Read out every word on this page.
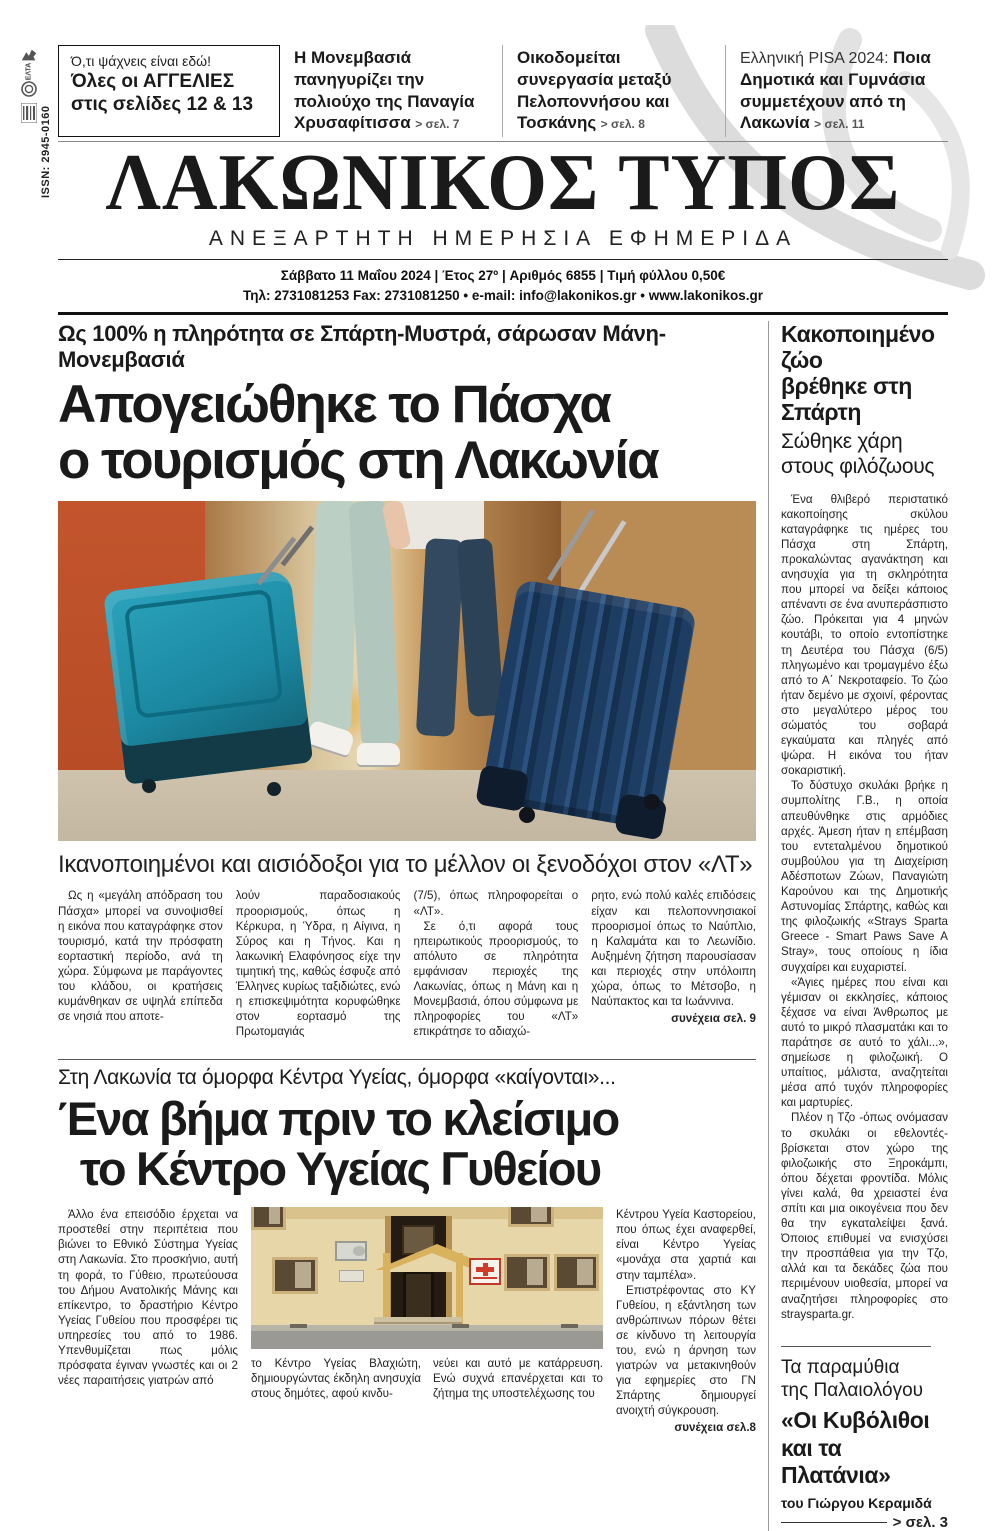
ΕΛΤΑ
ISSN: 2945-0160
Ό,τι ψάχνεις είναι εδώ!
Όλες οι ΑΓΓΕΛΙΕΣ
στις σελίδες 12 & 13
Η Μονεμβασιά πανηγυρίζει την πολιούχο της Παναγία Χρυσαφίτισσα > σελ. 7
Οικοδομείται συνεργασία μεταξύ Πελοποννήσου και Τοσκάνης > σελ. 8
Ελληνική PISA 2024: Ποια Δημοτικά και Γυμνάσια συμμετέχουν από τη Λακωνία > σελ. 11
ΛΑΚΩΝΙΚΟΣ ΤΥΠΟΣ
ΑΝΕΞΑΡΤΗΤΗ ΗΜΕΡΗΣΙΑ ΕΦΗΜΕΡΙΔΑ
Σάββατο 11 Μαΐου 2024 | Έτος 27º | Αριθμός 6855 | Τιμή φύλλου 0,50€
Τηλ: 2731081253 Fax: 2731081250 • e-mail: info@lakonikos.gr • www.lakonikos.gr
Ως 100% η πληρότητα σε Σπάρτη-Μυστρά, σάρωσαν Μάνη-Μονεμβασιά
Απογειώθηκε το Πάσχα
ο τουρισμός στη Λακωνία
Ικανοποιημένοι και αισιόδοξοι για το μέλλον οι ξενοδόχοι στον «ΛΤ»

Ως η «μεγάλη απόδραση του Πάσχα» μπορεί να συνοψισθεί η εικόνα που καταγράφηκε στον τουρισμό, κατά την πρόσφατη εορταστική περίοδο, ανά τη χώρα. Σύμφωνα με παράγοντες του κλάδου, οι κρατήσεις κυμάνθηκαν σε υψηλά επίπεδα σε νησιά που αποτε-

λούν παραδοσιακούς προορισμούς, όπως η Κέρκυρα, η Ύδρα, η Αίγινα, η Σύρος και η Τήνος. Και η λακωνική Ελαφόνησος είχε την τιμητική της, καθώς έσφυζε από Έλληνες κυρίως ταξιδιώτες, ενώ η επισκεψιμότητα κορυφώθηκε στον εορτασμό της Πρωτομαγιάς

(7/5), όπως πληροφορείται ο «ΛΤ».

Σε ό,τι αφορά τους ηπειρωτικούς προορισμούς, το απόλυτο σε πληρότητα εμφάνισαν περιοχές της Λακωνίας, όπως η Μάνη και η Μονεμβασιά, όπου σύμφωνα με πληροφορίες του «ΛΤ» επικράτησε το αδιαχώ-

ρητο, ενώ πολύ καλές επιδόσεις είχαν και πελοποννησιακοί προορισμοί όπως το Ναύπλιο, η Καλαμάτα και το Λεωνίδιο. Αυξημένη ζήτηση παρουσίασαν και περιοχές στην υπόλοιπη χώρα, όπως το Μέτσοβο, η Ναύπακτος και τα Ιωάννινα.

συνέχεια σελ. 9
Στη Λακωνία τα όμορφα Κέντρα Υγείας, όμορφα «καίγονται»...
Ένα βήμα πριν το κλείσιμο
το Κέντρο Υγείας Γυθείου

Άλλο ένα επεισόδιο έρχεται να προστεθεί στην περιπέτεια που βιώνει το Εθνικό Σύστημα Υγείας στη Λακωνία. Στο προσκήνιο, αυτή τη φορά, το Γύθειο, πρωτεύουσα του Δήμου Ανατολικής Μάνης και επίκεντρο, το δραστήριο Κέντρο Υγείας Γυθείου που προσφέρει τις υπηρεσίες του από το 1986. Υπενθυμίζεται πως μόλις πρόσφατα έγιναν γνωστές και οι 2 νέες παραιτήσεις γιατρών από

το Κέντρο Υγείας Βλαχιώτη, δημιουργώντας έκδηλη ανησυχία στους δημότες, αφού κινδυ-
νεύει και αυτό με κατάρρευση. Ενώ συχνά επανέρχεται και το ζήτημα της υποστελέχωσης του

Κέντρου Υγεία Καστορείου, που όπως έχει αναφερθεί, είναι Κέντρο Υγείας «μονάχα στα χαρτιά και στην ταμπέλα».

Επιστρέφοντας στο ΚΥ Γυθείου, η εξάντληση των ανθρώπινων πόρων θέτει σε κίνδυνο τη λειτουργία του, ενώ η άρνηση των γιατρών να μετακινηθούν για εφημερίες στο ΓΝ Σπάρτης δημιουργεί ανοιχτή σύγκρουση.

συνέχεια σελ.8
Κακοποιημένο ζώο
βρέθηκε στη Σπάρτη
Σώθηκε χάρη
στους φιλόζωους

Ένα θλιβερό περιστατικό κακοποίησης σκύλου καταγράφηκε τις ημέρες του Πάσχα στη Σπάρτη, προκαλώντας αγανάκτηση και ανησυχία για τη σκληρότητα που μπορεί να δείξει κάποιος απέναντι σε ένα ανυπεράσπιστο ζώο. Πρόκειται για 4 μηνών κουτάβι, το οποίο εντοπίστηκε τη Δευτέρα του Πάσχα (6/5) πληγωμένο και τρομαγμένο έξω από το Α΄ Νεκροταφείο. Το ζώο ήταν δεμένο με σχοινί, φέροντας στο μεγαλύτερο μέρος του σώματός του σοβαρά εγκαύματα και πληγές από ψώρα. Η εικόνα του ήταν σοκαριστική.

Το δύστυχο σκυλάκι βρήκε η συμπολίτης Γ.Β., η οποία απευθύνθηκε στις αρμόδιες αρχές. Άμεση ήταν η επέμβαση του εντεταλμένου δημοτικού συμβούλου για τη Διαχείριση Αδέσποτων Ζώων, Παναγιώτη Καρούνου και της Δημοτικής Αστυνομίας Σπάρτης, καθώς και της φιλοζωικής «Strays Sparta Greece - Smart Paws Save A Stray», τους οποίους η ίδια συγχαίρει και ευχαριστεί.

«Άγιες ημέρες που είναι και γέμισαν οι εκκλησίες, κάποιος ξέχασε να είναι Άνθρωπος με αυτό το μικρό πλασματάκι και το παράτησε σε αυτό το χάλι...», σημείωσε η φιλοζωική. Ο υπαίτιος, μάλιστα, αναζητείται μέσα από τυχόν πληροφορίες και μαρτυρίες.

Πλέον η Τζο -όπως ονόμασαν το σκυλάκι οι εθελοντές- βρίσκεται στον χώρο της φιλοζωικής στο Ξηροκάμπι, όπου δέχεται φροντίδα. Μόλις γίνει καλά, θα χρειαστεί ένα σπίτι και μια οικογένεια που δεν θα την εγκαταλείψει ξανά. Όποιος επιθυμεί να ενισχύσει την προσπάθεια για την Τζο, αλλά και τα δεκάδες ζώα που περιμένουν υιοθεσία, μπορεί να αναζητήσει πληροφορίες στο straysparta.gr.

Τα παραμύθια
της Παλαιολόγου
«Οι Κυβόλιθοι
και τα Πλατάνια»
του Γιώργου Κεραμιδά
> σελ. 3
